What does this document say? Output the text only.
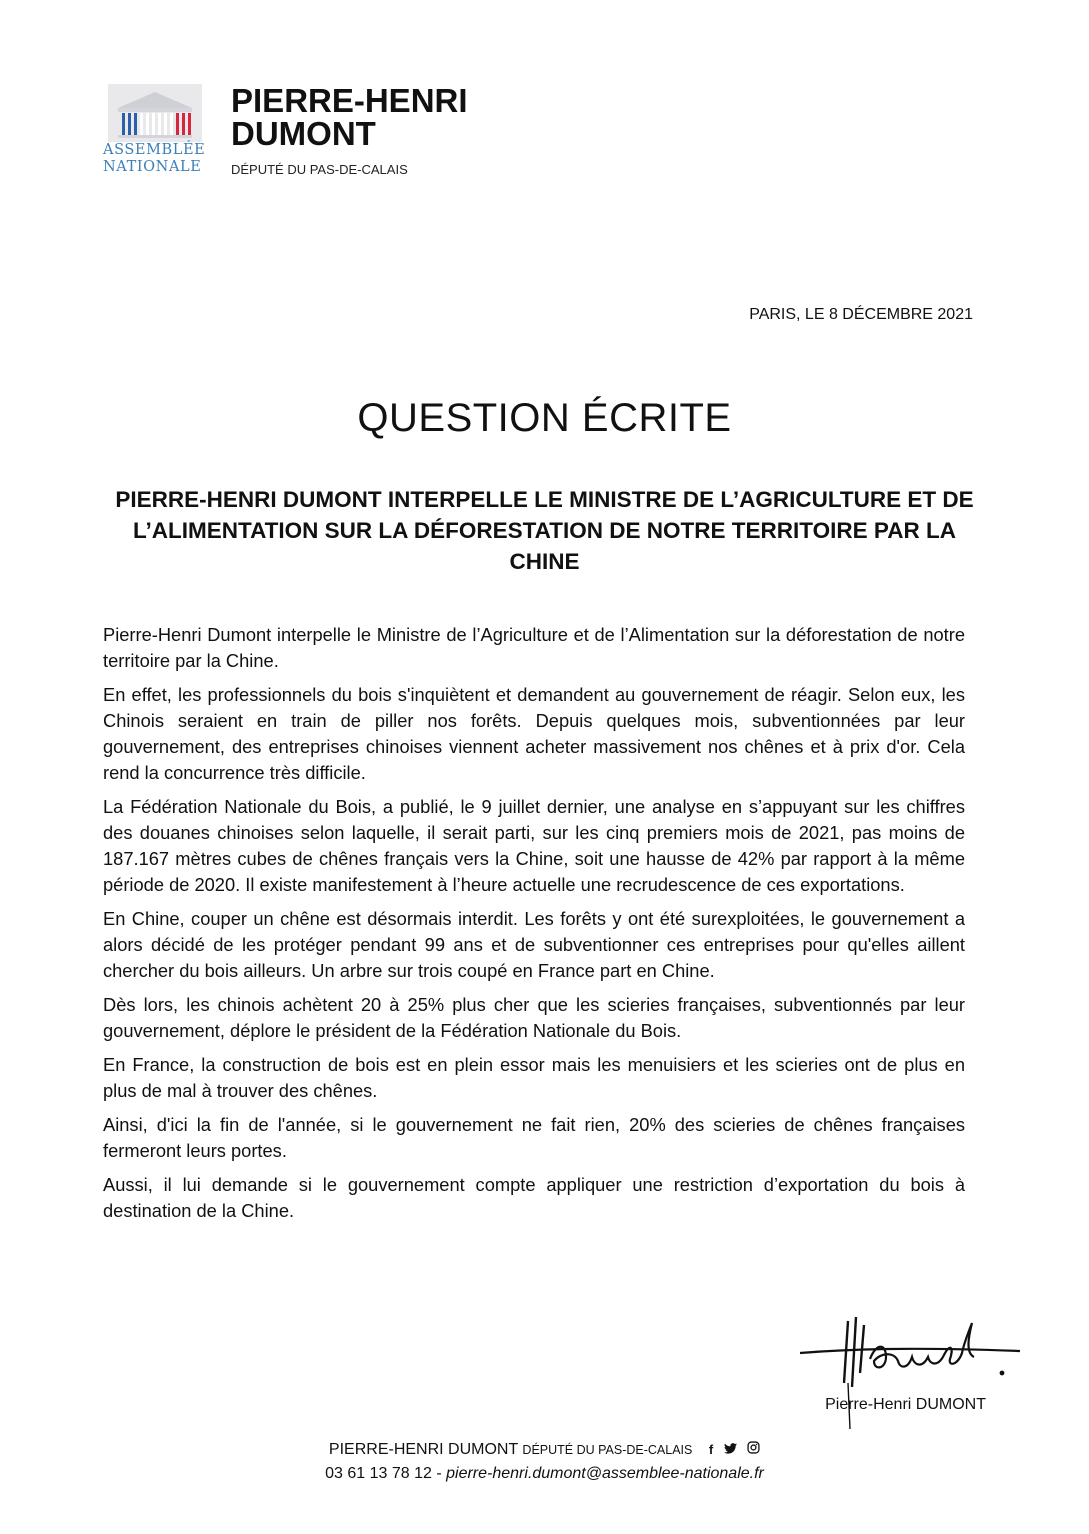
ASSEMBLÉE
NATIONALE
PIERRE-HENRI
DUMONT
DÉPUTÉ DU PAS-DE-CALAIS
PARIS, LE 8 DÉCEMBRE 2021
QUESTION ÉCRITE
PIERRE-HENRI DUMONT INTERPELLE LE MINISTRE DE L’AGRICULTURE ET DE L’ALIMENTATION SUR LA DÉFORESTATION DE NOTRE TERRITOIRE PAR LA CHINE

Pierre-Henri Dumont interpelle le Ministre de l’Agriculture et de l’Alimentation sur la déforestation de notre territoire par la Chine.

En effet, les professionnels du bois s'inquiètent et demandent au gouvernement de réagir. Selon eux, les Chinois seraient en train de piller nos forêts. Depuis quelques mois, subventionnées par leur gouvernement, des entreprises chinoises viennent acheter massivement nos chênes et à prix d'or. Cela rend la concurrence très difficile.

La Fédération Nationale du Bois, a publié, le 9 juillet dernier, une analyse en s’appuyant sur les chiffres des douanes chinoises selon laquelle, il serait parti, sur les cinq premiers mois de 2021, pas moins de 187.167 mètres cubes de chênes français vers la Chine, soit une hausse de 42% par rapport à la même période de 2020. Il existe manifestement à l’heure actuelle une recrudescence de ces exportations.

En Chine, couper un chêne est désormais interdit. Les forêts y ont été surexploitées, le gouvernement a alors décidé de les protéger pendant 99 ans et de subventionner ces entreprises pour qu'elles aillent chercher du bois ailleurs. Un arbre sur trois coupé en France part en Chine.

Dès lors, les chinois achètent 20 à 25% plus cher que les scieries françaises, subventionnés par leur gouvernement, déplore le président de la Fédération Nationale du Bois.

En France, la construction de bois est en plein essor mais les menuisiers et les scieries ont de plus en plus de mal à trouver des chênes.

Ainsi, d'ici la fin de l'année, si le gouvernement ne fait rien, 20% des scieries de chênes françaises fermeront leurs portes.

Aussi, il lui demande si le gouvernement compte appliquer une restriction d’exportation du bois à destination de la Chine.

Pierre-Henri DUMONT
PIERRE-HENRI DUMONT DÉPUTÉ DU PAS-DE-CALAIS f
03 61 13 78 12 - pierre-henri.dumont@assemblee-nationale.fr
